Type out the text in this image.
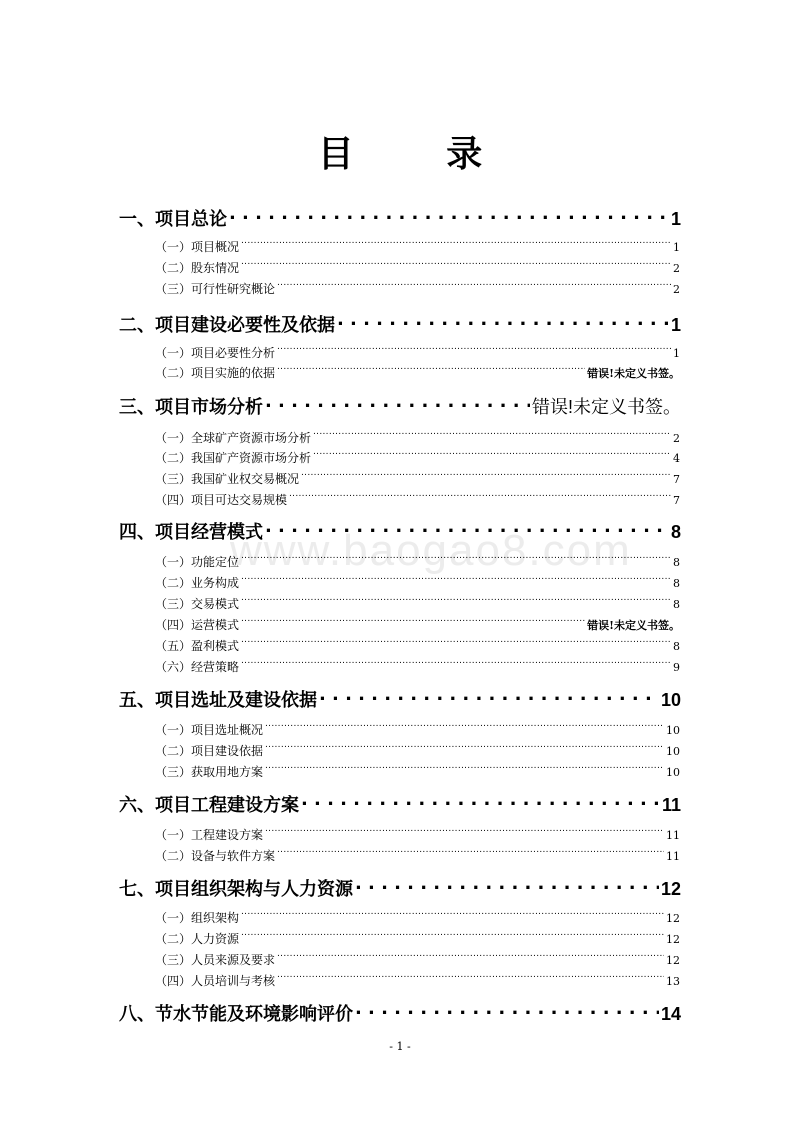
www.baogao8.com
目 录
一、项目总论 .....	1
（一）项目概况 .....	1
（二）股东情况 .....	2
（三）可行性研究概论 .....	2
二、项目建设必要性及依据 .....	1
（一）项目必要性分析 .....	1
（二）项目实施的依据 .....	错误!未定义书签。
三、项目市场分析 .....	错误!未定义书签。
（一）全球矿产资源市场分析 .....	2
（二）我国矿产资源市场分析 .....	4
（三）我国矿业权交易概况 .....	7
（四）项目可达交易规模 .....	7
四、项目经营模式 .....	8
（一）功能定位 .....	8
（二）业务构成 .....	8
（三）交易模式 .....	8
（四）运营模式 .....	错误!未定义书签。
（五）盈利模式 .....	8
（六）经营策略 .....	9
五、项目选址及建设依据 .....	10
（一）项目选址概况 .....	10
（二）项目建设依据 .....	10
（三）获取用地方案 .....	10
六、项目工程建设方案 .....	11
（一）工程建设方案 .....	11
（二）设备与软件方案 .....	11
七、项目组织架构与人力资源 .....	12
（一）组织架构 .....	12
（二）人力资源 .....	12
（三）人员来源及要求 .....	12
（四）人员培训与考核 .....	13
八、节水节能及环境影响评价 .....	14
- 1 -
